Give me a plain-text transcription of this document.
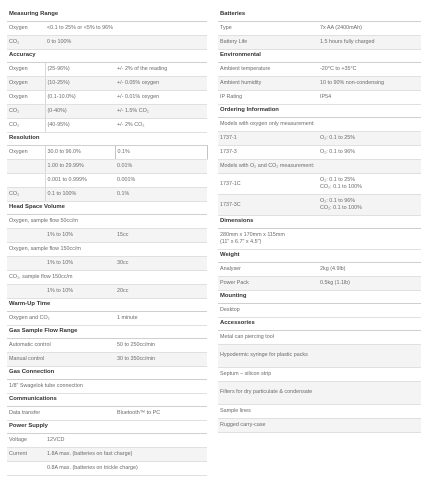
Measuring Range		
Oxygen	<0.1 to 25% or <5% to 96%	
CO₂	0 to 100%	
Accuracy		
Oxygen	(25-96%)	+/- 2% of the reading
Oxygen	(10-25%)	+/- 0.05% oxygen
Oxygen	(0.1-10.0%)	+/- 0.01% oxygen
CO₂	(0-40%)	+/- 1.5% CO₂
CO₂	(40-95%)	+/- 2% CO₂
Resolution		
Oxygen	30.0 to 96.0%	0.1%
	1.00 to 29.99%	0.01%
	0.001 to 0.999%	0.001%
CO₂	0.1 to 100%	0.1%
Head Space Volume		
Oxygen, sample flow 50cc/m		
	1% to 10%	15cc
Oxygen, sample flow 150cc/m		
	1% to 10%	30cc
CO₂, sample flow 150cc/m		
	1% to 10%	20cc
Warm-Up Time		
Oxygen and CO₂		1 minute
Gas Sample Flow Range		
Automatic control		50 to 250cc/min
Manual control		30 to 350cc/min
Gas Connection		
1/8" Swagelok tube connection		
Communications		
Data transfer		Bluetooth™ to PC
Power Supply		
Voltage	12VCD	
Current	1.8A max. (batteries on fast charge)	
	0.8A max. (batteries on trickle charge)	
Batteries	
Type	7x AA (2400mAh)
Battery Life	1.5 hours fully charged
Environmental	
Ambient temperature	-20°C to +35°C
Ambient humidity	10 to 90% non-condensing
IP Rating	IP54
Ordering Information	
Models with oxygen only measurement:	
1737-1	O₂: 0.1 to 25%
1737-3	O₂: 0.1 to 96%
Models with O₂ and CO₂ measurement:	
1737-1C	O₂: 0.1 to 25%
CO₂: 0.1 to 100%

1737-3C	O₂: 0.1 to 96%
CO₂: 0.1 to 100%

Dimensions	

280mm x 170mm x 115mm
(11" x 6.7" x 4.5")	

Weight	
Analyser	2kg (4.9lb)
Power Pack	0.5kg (1.1lb)
Mounting	
Desktop	
Accessories	
Metal can piercing tool	
Hypodermic syringe for plastic packs	
Septum – silicon strip	
Filters for dry particulate & condensate	
Sample lines	
Rugged carry-case	
